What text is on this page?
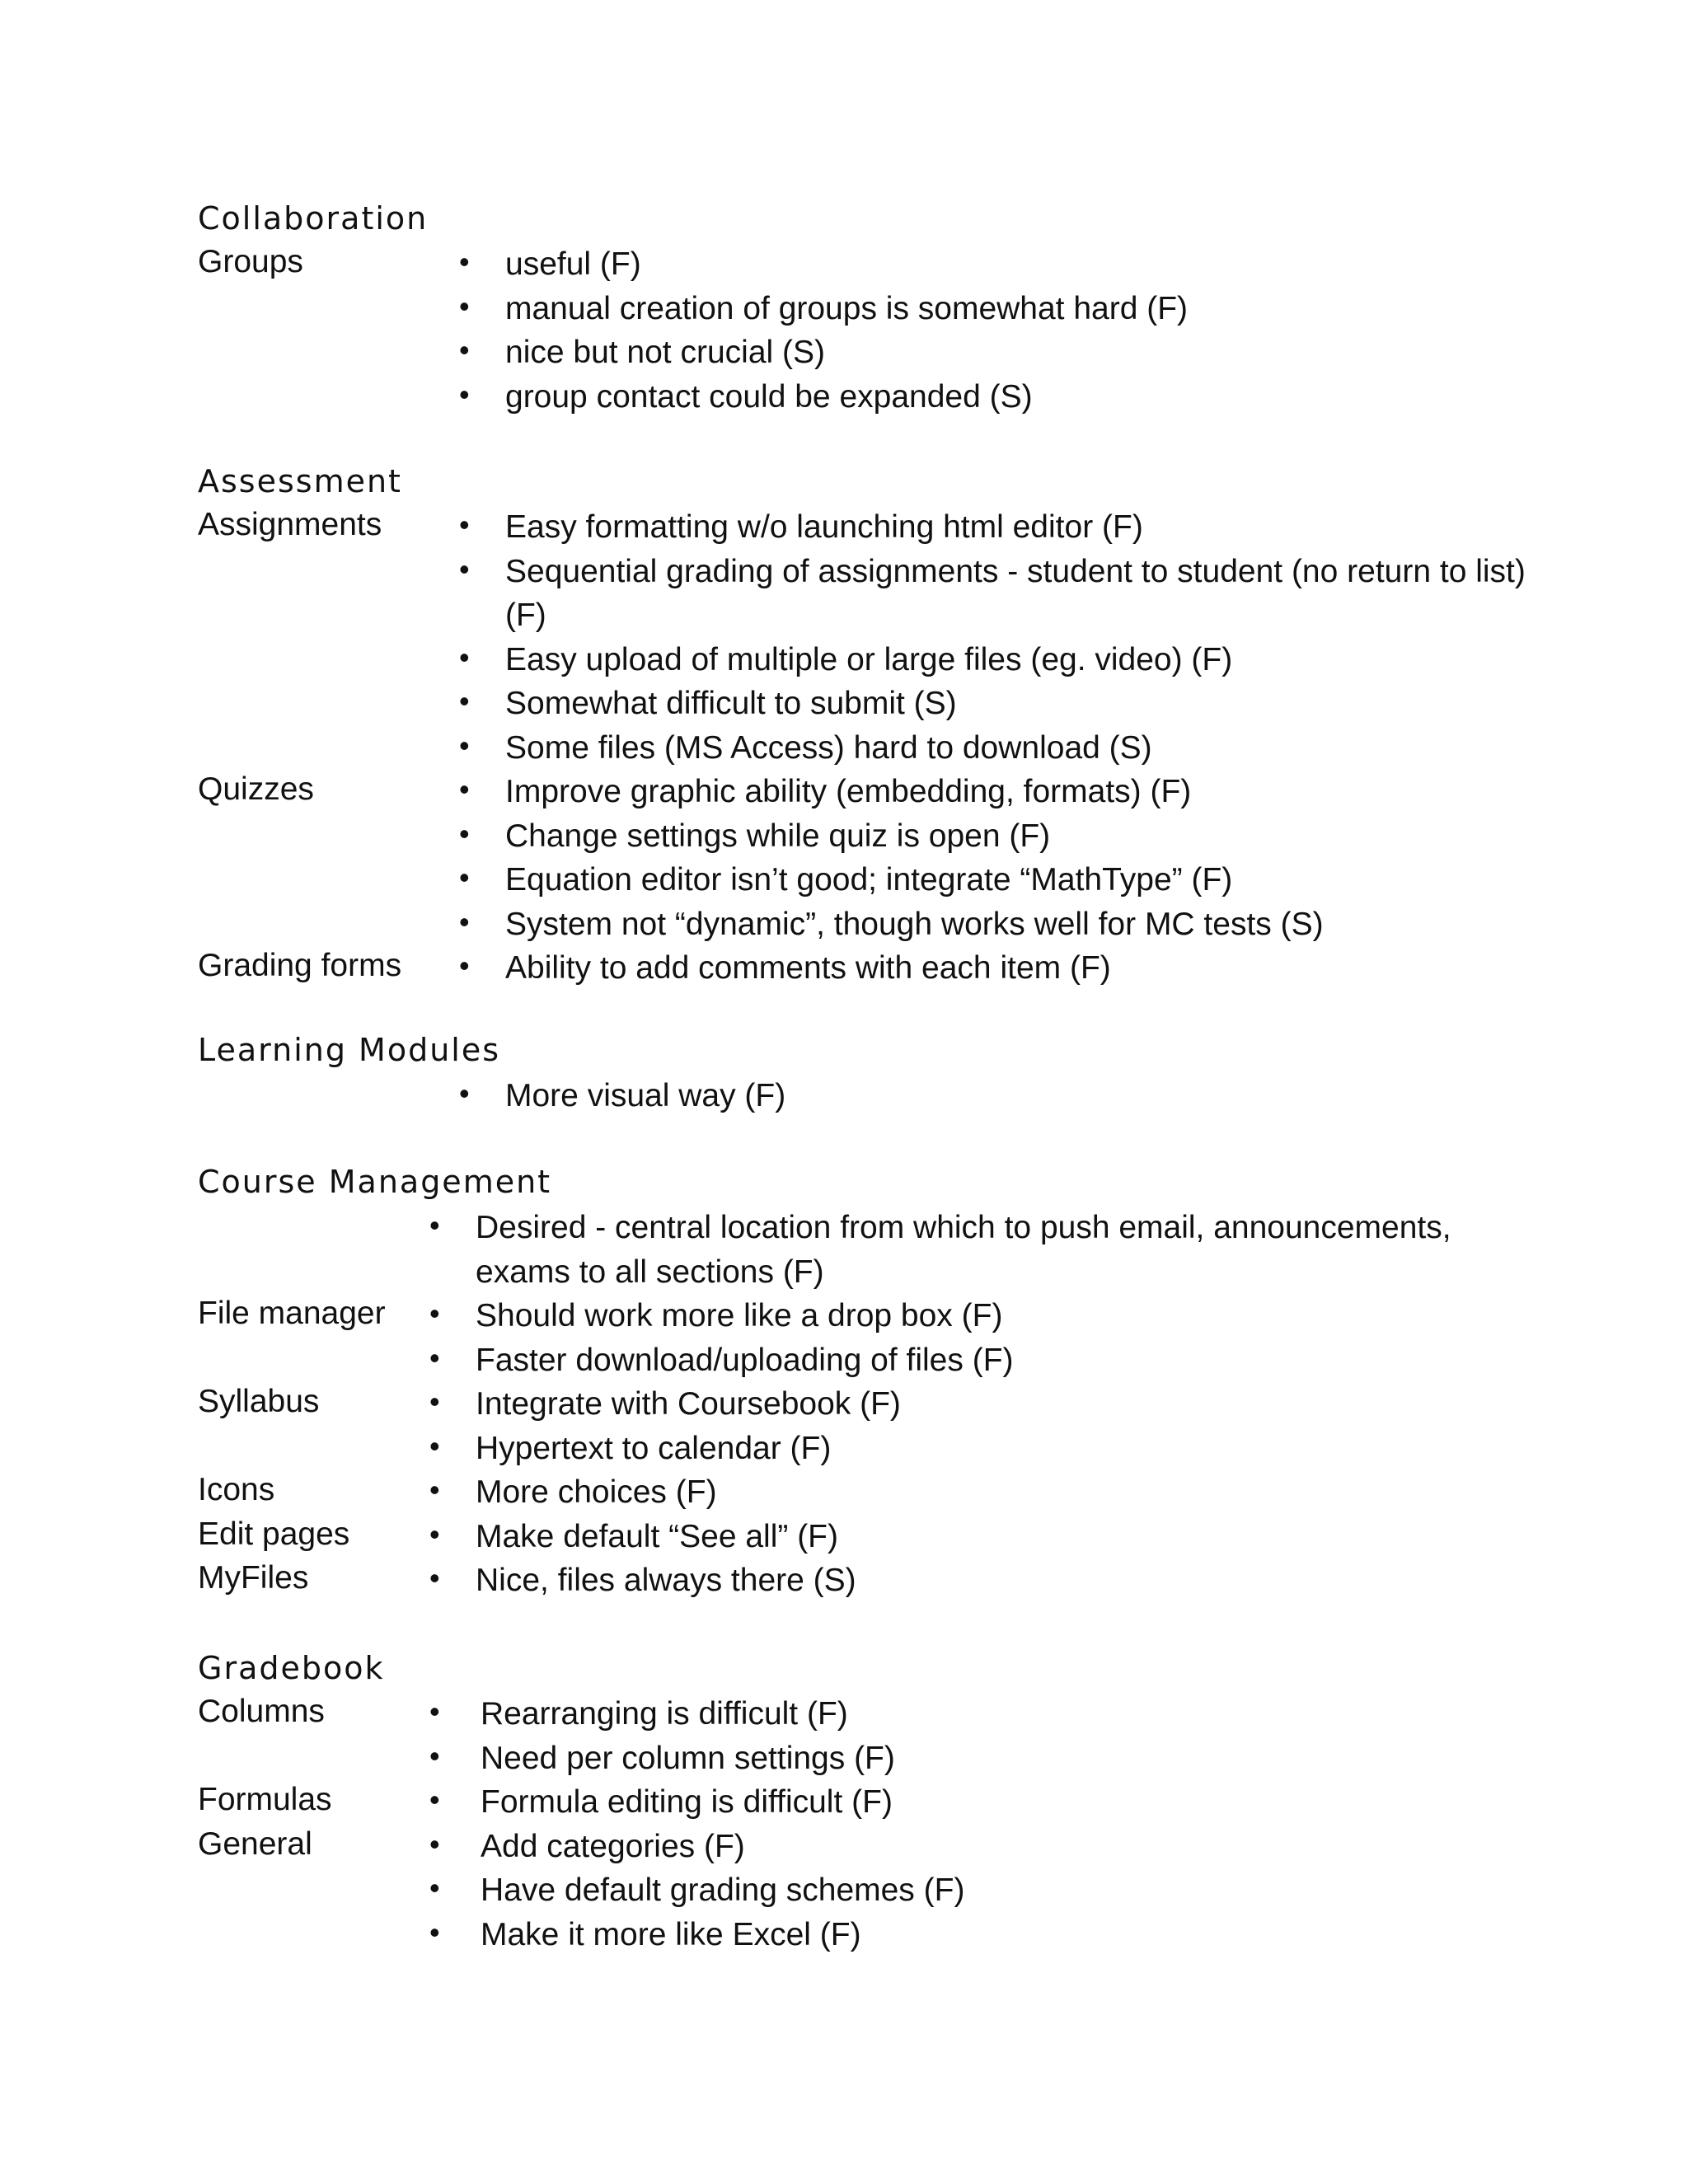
Collaboration
Groups	• useful (F)
• manual creation of groups is somewhat hard (F)
• nice but not crucial (S)
• group contact could be expanded (S)
Assessment
Assignments	• Easy formatting w/o launching html editor (F)
• Sequential grading of assignments - student to student (no return to list) (F)
• Easy upload of multiple or large files (eg. video) (F)
• Somewhat difficult to submit (S)
• Some files (MS Access) hard to download (S)
Quizzes	• Improve graphic ability (embedding, formats) (F)
• Change settings while quiz is open (F)
• Equation editor isn’t good; integrate “MathType” (F)
• System not “dynamic”, though works well for MC tests (S)
Grading forms • Ability to add comments with each item (F)
Learning Modules
• More visual way (F)
Course Management
• Desired - central location from which to push email, announcements, exams to all sections (F)
File manager • Should work more like a drop box (F)
• Faster download/uploading of files (F)
Syllabus	• Integrate with Coursebook (F)
• Hypertext to calendar (F)
Icons	• More choices (F)
Edit pages	• Make default “See all” (F)
MyFiles	• Nice, files always there (S)
Gradebook
Columns	• Rearranging is difficult (F)
• Need per column settings (F)
Formulas	• Formula editing is difficult (F)
General	• Add categories (F)
• Have default grading schemes (F)
• Make it more like Excel (F)
